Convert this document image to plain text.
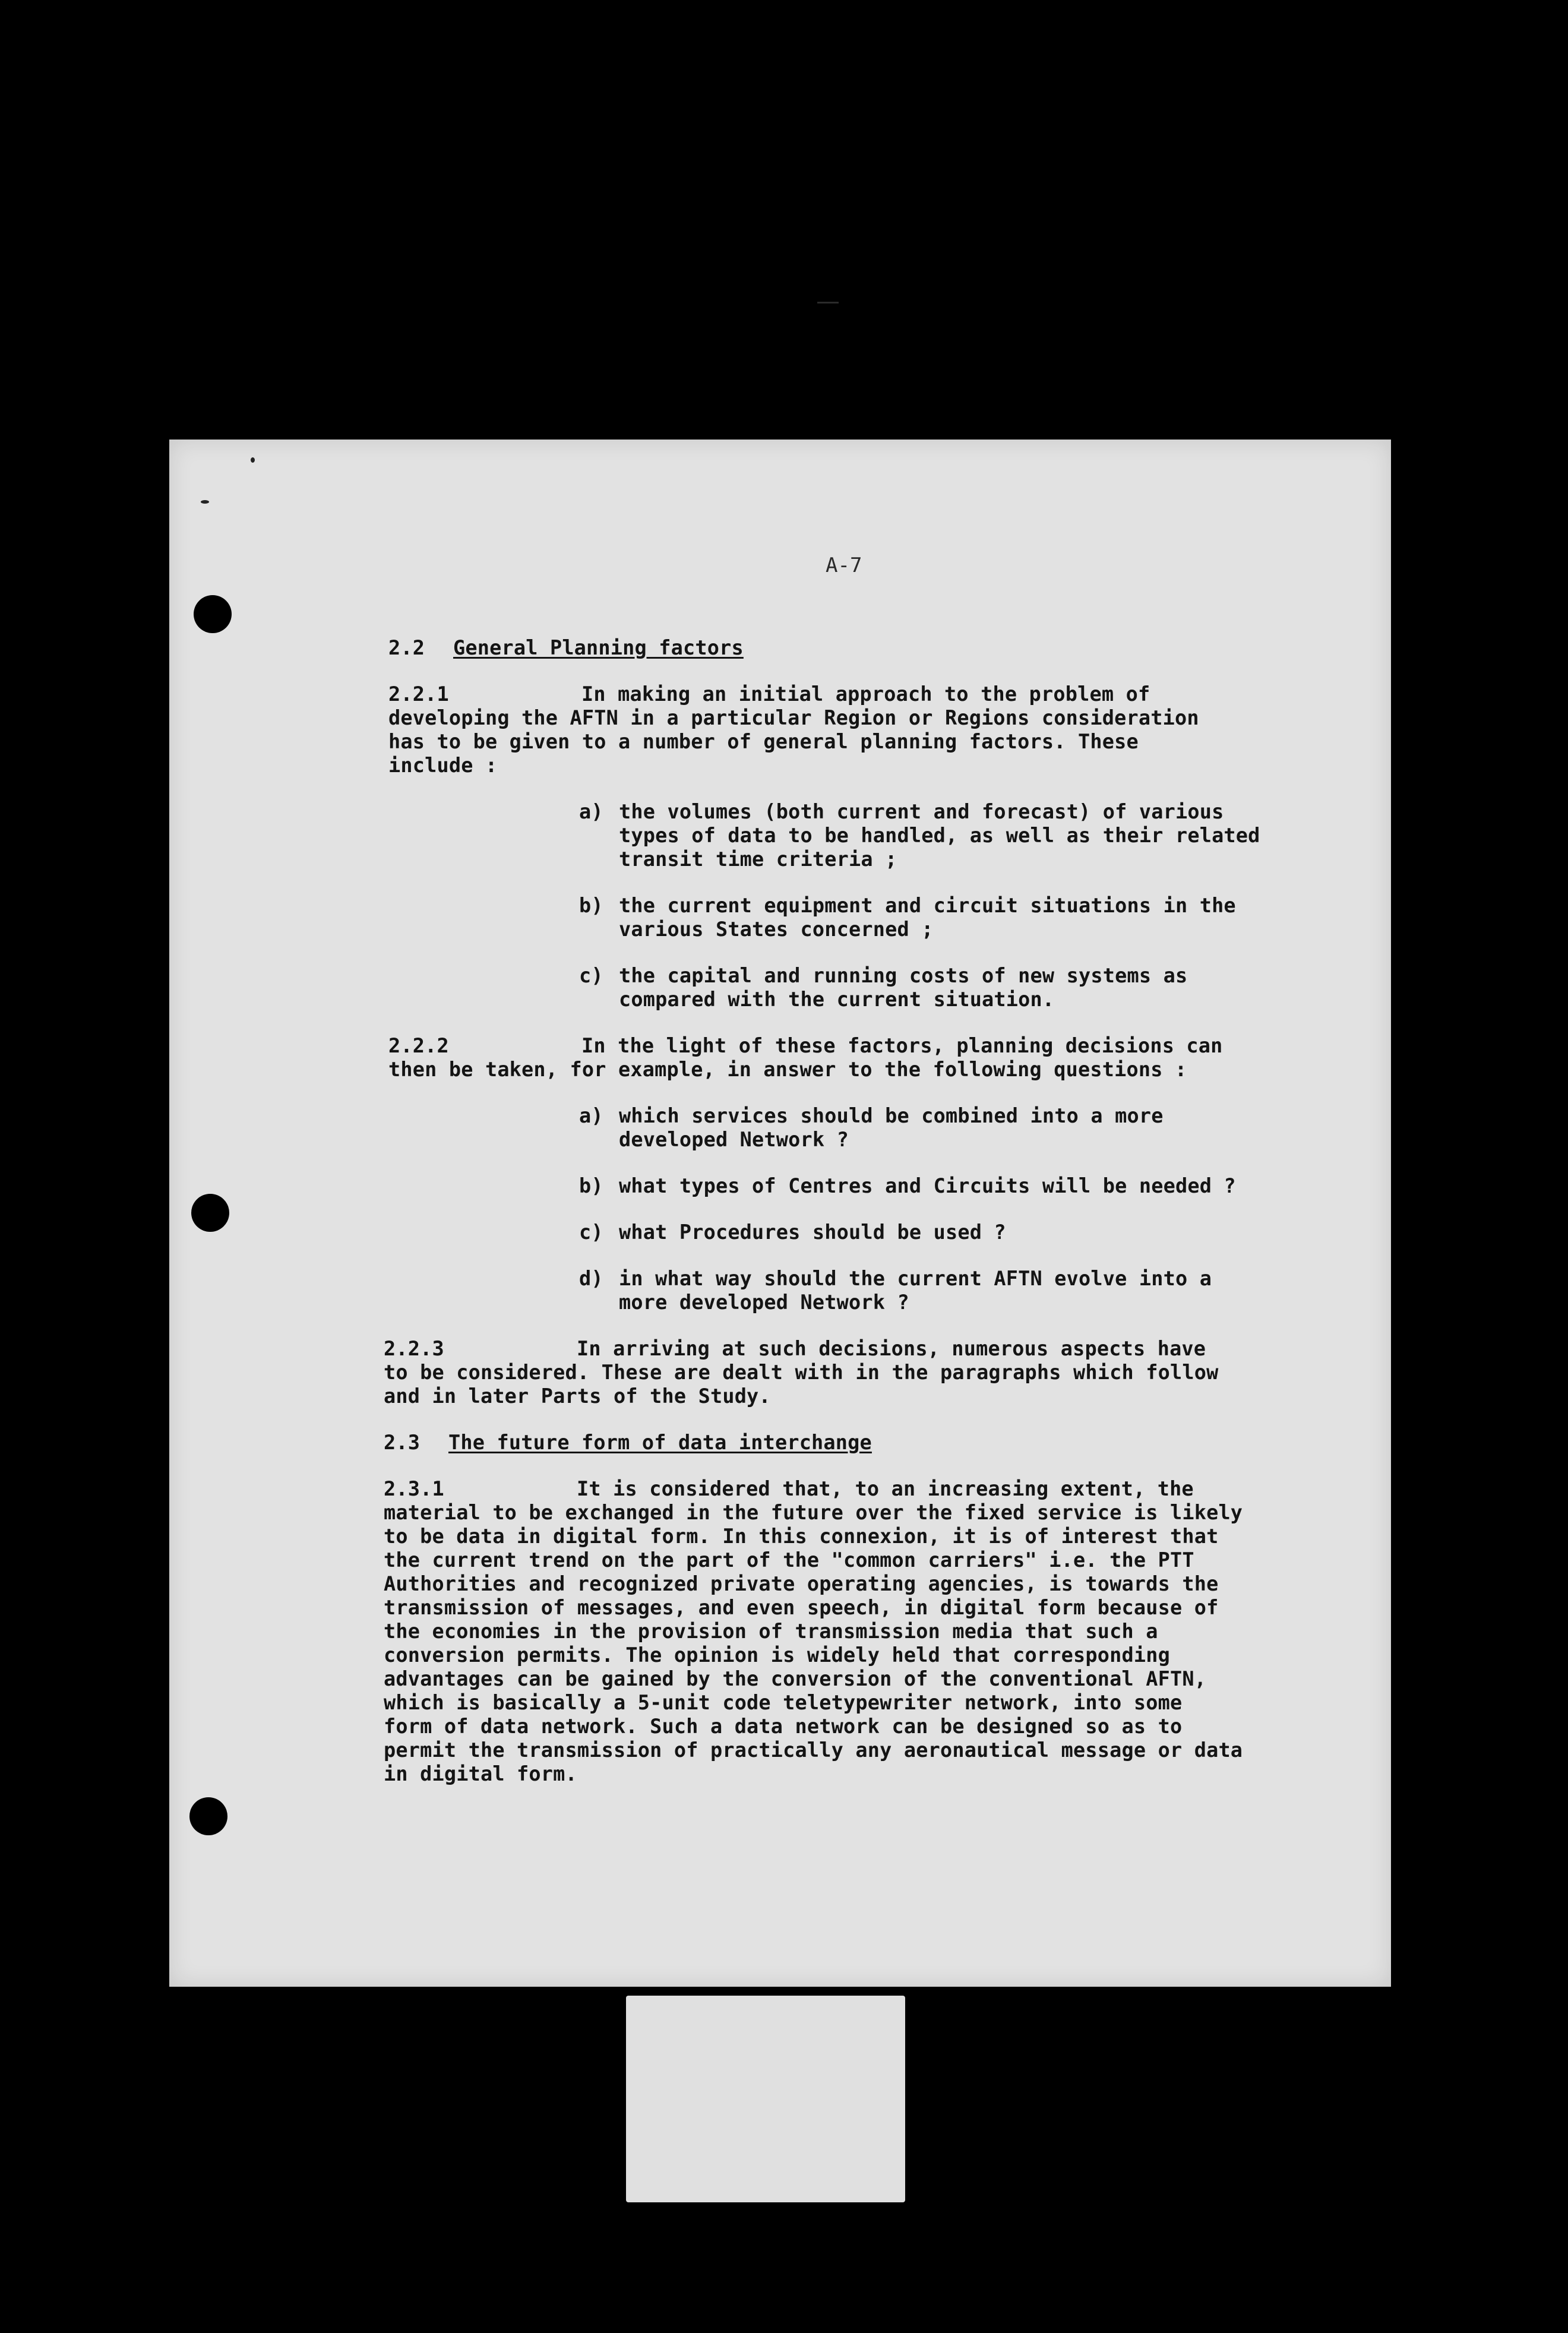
A-7
2.2 General Planning factors
2.2.1	In making an initial approach to the problem of
developing the AFTN in a particular Region or Regions consideration
has to be given to a number of general planning factors. These
include :
a) the volumes (both current and forecast) of various
types of data to be handled, as well as their related
transit time criteria ;
b) the current equipment and circuit situations in the
various States concerned ;
c) the capital and running costs of new systems as
compared with the current situation.
2.2.2	In the light of these factors, planning decisions can
then be taken, for example, in answer to the following questions :
a) which services should be combined into a more
developed Network ?
b) what types of Centres and Circuits will be needed ?
c) what Procedures should be used ?
d) in what way should the current AFTN evolve into a
more developed Network ?
2.2.3	In arriving at such decisions, numerous aspects have
to be considered. These are dealt with in the paragraphs which follow
and in later Parts of the Study.
2.3 The future form of data interchange
2.3.1	It is considered that, to an increasing extent, the
material to be exchanged in the future over the fixed service is likely
to be data in digital form. In this connexion, it is of interest that
the current trend on the part of the "common carriers" i.e. the PTT
Authorities and recognized private operating agencies, is towards the
transmission of messages, and even speech, in digital form because of
the economies in the provision of transmission media that such a
conversion permits. The opinion is widely held that corresponding
advantages can be gained by the conversion of the conventional AFTN,
which is basically a 5-unit code teletypewriter network, into some
form of data network. Such a data network can be designed so as to
permit the transmission of practically any aeronautical message or data
in digital form.
